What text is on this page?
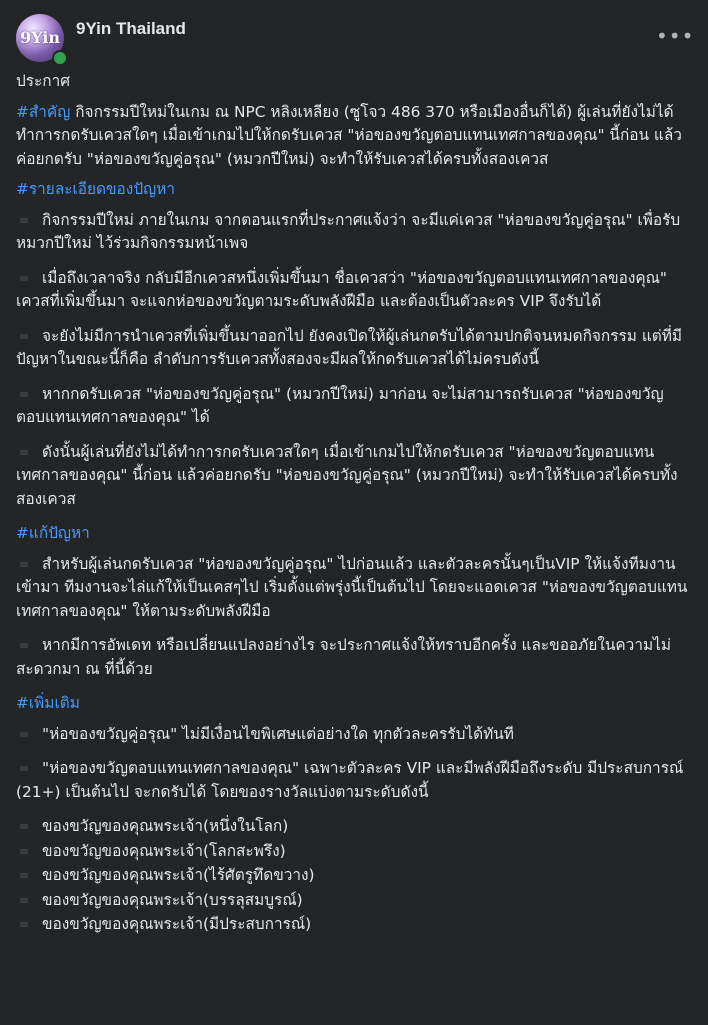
9Yin 9Yin Thailand	•••

ประกาศ

#สำคัญ กิจกรรมปีใหม่ในเกม ณ NPC หลิงเหลียง (ซูโจว 486 370 หรือเมืองอื่นก็ได้) ผู้เล่นที่ยังไม่ได้ทำการกดรับเควสใดๆ เมื่อเข้าเกมไปให้กดรับเควส "ห่อของขวัญตอบแทนเทศกาลของคุณ" นี้ก่อน แล้วค่อยกดรับ "ห่อของขวัญคู่อรุณ" (หมวกปีใหม่) จะทำให้รับเควสได้ครบทั้งสองเควส

#รายละเอียดของปัญหา

กิจกรรมปีใหม่ ภายในเกม จากตอนแรกที่ประกาศแจ้งว่า จะมีแค่เควส "ห่อของขวัญคู่อรุณ" เพื่อรับหมวกปีใหม่ ไว้ร่วมกิจกรรมหน้าเพจ
เมื่อถึงเวลาจริง กลับมีอีกเควสหนึ่งเพิ่มขึ้นมา ชื่อเควสว่า "ห่อของขวัญตอบแทนเทศกาลของคุณ" เควสที่เพิ่มขึ้นมา จะแจกห่อของขวัญตามระดับพลังฝีมือ และต้องเป็นตัวละคร VIP จึงรับได้
จะยังไม่มีการนำเควสที่เพิ่มขึ้นมาออกไป ยังคงเปิดให้ผู้เล่นกดรับได้ตามปกติจนหมดกิจกรรม แต่ที่มีปัญหาในขณะนี้ก็คือ ลำดับการรับเควสทั้งสองจะมีผลให้กดรับเควสได้ไม่ครบดังนี้
หากกดรับเควส "ห่อของขวัญคู่อรุณ" (หมวกปีใหม่) มาก่อน จะไม่สามารถรับเควส "ห่อของขวัญตอบแทนเทศกาลของคุณ" ได้
ดังนั้นผู้เล่นที่ยังไม่ได้ทำการกดรับเควสใดๆ เมื่อเข้าเกมไปให้กดรับเควส "ห่อของขวัญตอบแทนเทศกาลของคุณ" นี้ก่อน แล้วค่อยกดรับ "ห่อของขวัญคู่อรุณ" (หมวกปีใหม่) จะทำให้รับเควสได้ครบทั้งสองเควส

#แก้ปัญหา

สำหรับผู้เล่นกดรับเควส "ห่อของขวัญคู่อรุณ" ไปก่อนแล้ว และตัวละครนั้นๆเป็นVIP ให้แจ้งทีมงานเข้ามา ทีมงานจะไล่แก้ให้เป็นเคสๆไป เริ่มตั้งแต่พรุ่งนี้เป็นต้นไป โดยจะแอดเควส "ห่อของขวัญตอบแทนเทศกาลของคุณ" ให้ตามระดับพลังฝีมือ
หากมีการอัพเดท หรือเปลี่ยนแปลงอย่างไร จะประกาศแจ้งให้ทราบอีกครั้ง และขออภัยในความไม่สะดวกมา ณ ที่นี้ด้วย

#เพิ่มเติม

"ห่อของขวัญคู่อรุณ" ไม่มีเงื่อนไขพิเศษแต่อย่างใด ทุกตัวละครรับได้ทันที
"ห่อของขวัญตอบแทนเทศกาลของคุณ" เฉพาะตัวละคร VIP และมีพลังฝีมือถึงระดับ มีประสบการณ์ (21+) เป็นต้นไป จะกดรับได้ โดยของรางวัลแบ่งตามระดับดังนี้
ของขวัญของคุณพระเจ้า(หนึ่งในโลก)
ของขวัญของคุณพระเจ้า(โลกสะพรึง)
ของขวัญของคุณพระเจ้า(ไร้ศัตรูทึดขวาง)
ของขวัญของคุณพระเจ้า(บรรลุสมบูรณ์)
ของขวัญของคุณพระเจ้า(มีประสบการณ์)
